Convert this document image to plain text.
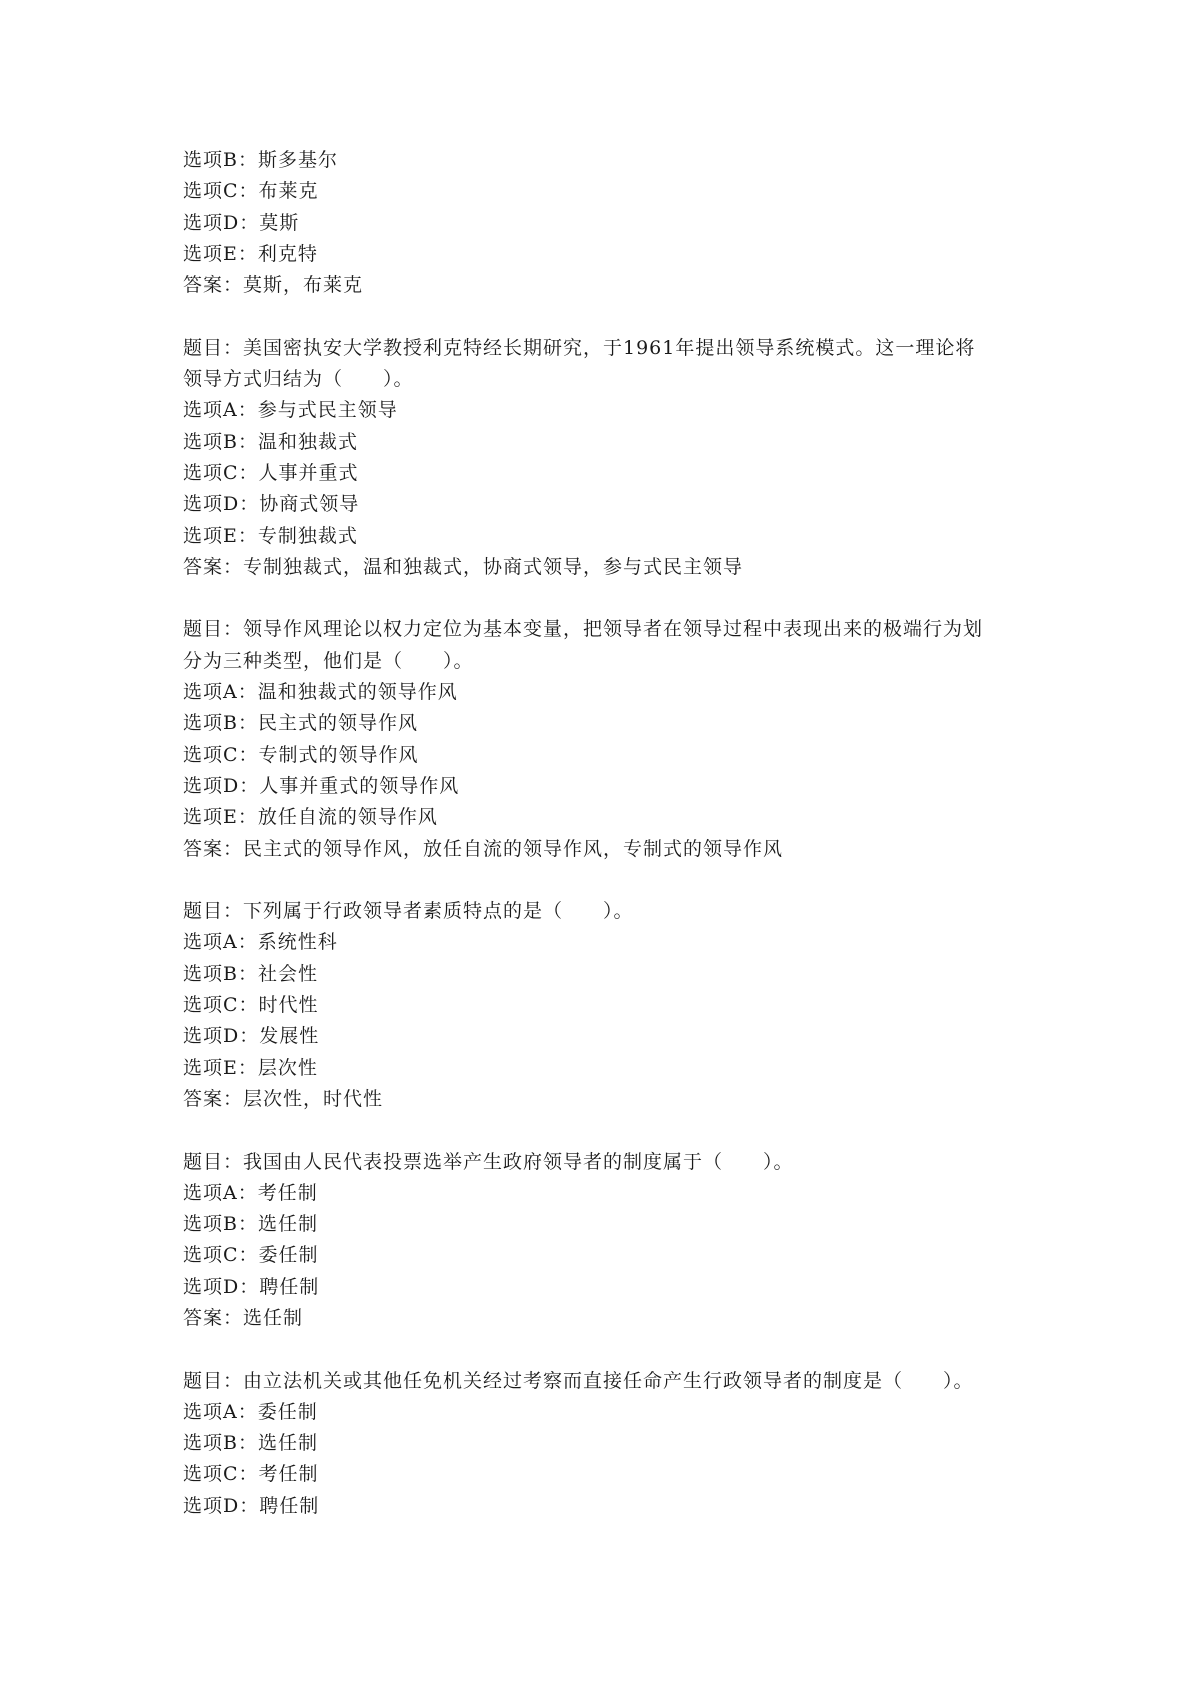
选项B：斯多基尔
选项C：布莱克
选项D：莫斯
选项E：利克特
答案：莫斯，布莱克
题目：美国密执安大学教授利克特经长期研究，于1961年提出领导系统模式。这一理论将
领导方式归结为（　　）。
选项A：参与式民主领导
选项B：温和独裁式
选项C：人事并重式
选项D：协商式领导
选项E：专制独裁式
答案：专制独裁式，温和独裁式，协商式领导，参与式民主领导
题目：领导作风理论以权力定位为基本变量，把领导者在领导过程中表现出来的极端行为划
分为三种类型，他们是（　　）。
选项A：温和独裁式的领导作风
选项B：民主式的领导作风
选项C：专制式的领导作风
选项D：人事并重式的领导作风
选项E：放任自流的领导作风
答案：民主式的领导作风，放任自流的领导作风，专制式的领导作风
题目：下列属于行政领导者素质特点的是（　　）。
选项A：系统性科
选项B：社会性
选项C：时代性
选项D：发展性
选项E：层次性
答案：层次性，时代性
题目：我国由人民代表投票选举产生政府领导者的制度属于（　　）。
选项A：考任制
选项B：选任制
选项C：委任制
选项D：聘任制
答案：选任制
题目：由立法机关或其他任免机关经过考察而直接任命产生行政领导者的制度是（　　）。
选项A：委任制
选项B：选任制
选项C：考任制
选项D：聘任制
